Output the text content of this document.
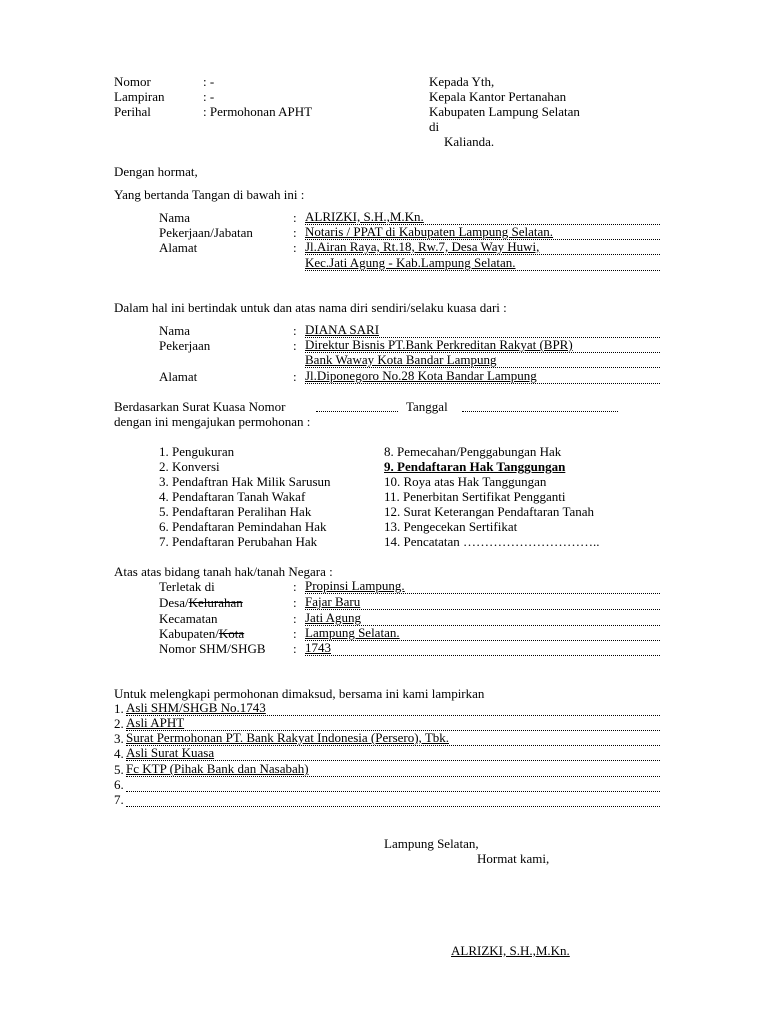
Nomor	: -
Lampiran	: -
Perihal	: Permohonan APHT
Kepada Yth,
Kepala Kantor Pertanahan
Kabupaten Lampung Selatan
di
Kalianda.
Dengan hormat,
Yang bertanda Tangan di bawah ini :
Nama	: ALRIZKI, S.H.,M.Kn.
Pekerjaan/Jabatan	: Notaris / PPAT di Kabupaten Lampung Selatan.
Alamat	: Jl.Airan Raya, Rt.18, Rw.7, Desa Way Huwi,
Kec.Jati Agung - Kab.Lampung Selatan.
Dalam hal ini bertindak untuk dan atas nama diri sendiri/selaku kuasa dari :
Nama	: DIANA SARI
Pekerjaan	: Direktur Bisnis PT.Bank Perkreditan Rakyat (BPR)
Bank Waway Kota Bandar Lampung
Alamat	: Jl.Diponegoro No.28 Kota Bandar Lampung
Berdasarkan Surat Kuasa Nomor	Tanggal
dengan ini mengajukan permohonan :
1. Pengukuran
2. Konversi
3. Pendaftran Hak Milik Sarusun
4. Pendaftaran Tanah Wakaf
5. Pendaftaran Peralihan Hak
6. Pendaftaran Pemindahan Hak
7. Pendaftaran Perubahan Hak
8. Pemecahan/Penggabungan Hak
9. Pendaftaran Hak Tanggungan
10. Roya atas Hak Tanggungan
11. Penerbitan Sertifikat Pengganti
12. Surat Keterangan Pendaftaran Tanah
13. Pengecekan Sertifikat
14. Pencatatan …………………………..
Atas atas bidang tanah hak/tanah Negara :
Terletak di	: Propinsi Lampung.
Desa/Kelurahan	: Fajar Baru
Kecamatan	: Jati Agung
Kabupaten/Kota	: Lampung Selatan.
Nomor SHM/SHGB : 1743
Untuk melengkapi permohonan dimaksud, bersama ini kami lampirkan
1. Asli SHM/SHGB No.1743
2. Asli APHT
3. Surat Permohonan PT. Bank Rakyat Indonesia (Persero), Tbk.
4. Asli Surat Kuasa
5. Fc KTP (Pihak Bank dan Nasabah)
6.
7.
Lampung Selatan,
Hormat kami,
ALRIZKI, S.H.,M.Kn.
